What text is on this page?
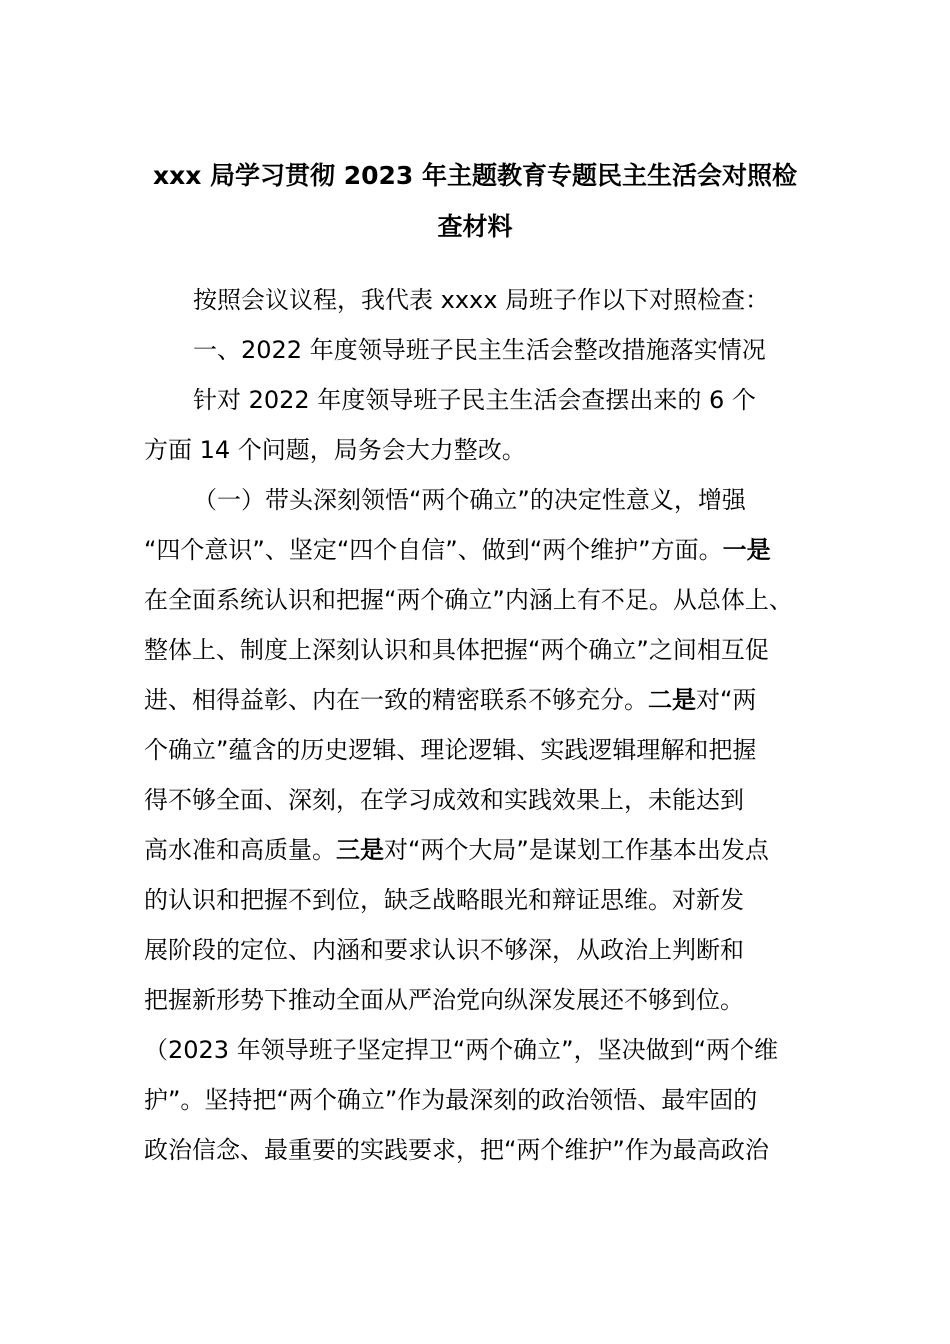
xxx 局学习贯彻 2023 年主题教育专题民主生活会对照检
查材料
按照会议议程，我代表 xxxx 局班子作以下对照检查：
一、2022 年度领导班子民主生活会整改措施落实情况
针对 2022 年度领导班子民主生活会查摆出来的 6 个
方面 14 个问题，局务会大力整改。
（一）带头深刻领悟“两个确立”的决定性意义，增强
“四个意识”、坚定“四个自信”、做到“两个维护”方面。一是
在全面系统认识和把握“两个确立”内涵上有不足。从总体上、
整体上、制度上深刻认识和具体把握“两个确立”之间相互促
进、相得益彰、内在一致的精密联系不够充分。二是对“两
个确立”蕴含的历史逻辑、理论逻辑、实践逻辑理解和把握
得不够全面、深刻，在学习成效和实践效果上，未能达到
高水准和高质量。三是对“两个大局”是谋划工作基本出发点
的认识和把握不到位，缺乏战略眼光和辩证思维。对新发
展阶段的定位、内涵和要求认识不够深，从政治上判断和
把握新形势下推动全面从严治党向纵深发展还不够到位。
（2023 年领导班子坚定捍卫“两个确立”，坚决做到“两个维
护”。坚持把“两个确立”作为最深刻的政治领悟、最牢固的
政治信念、最重要的实践要求，把“两个维护”作为最高政治
